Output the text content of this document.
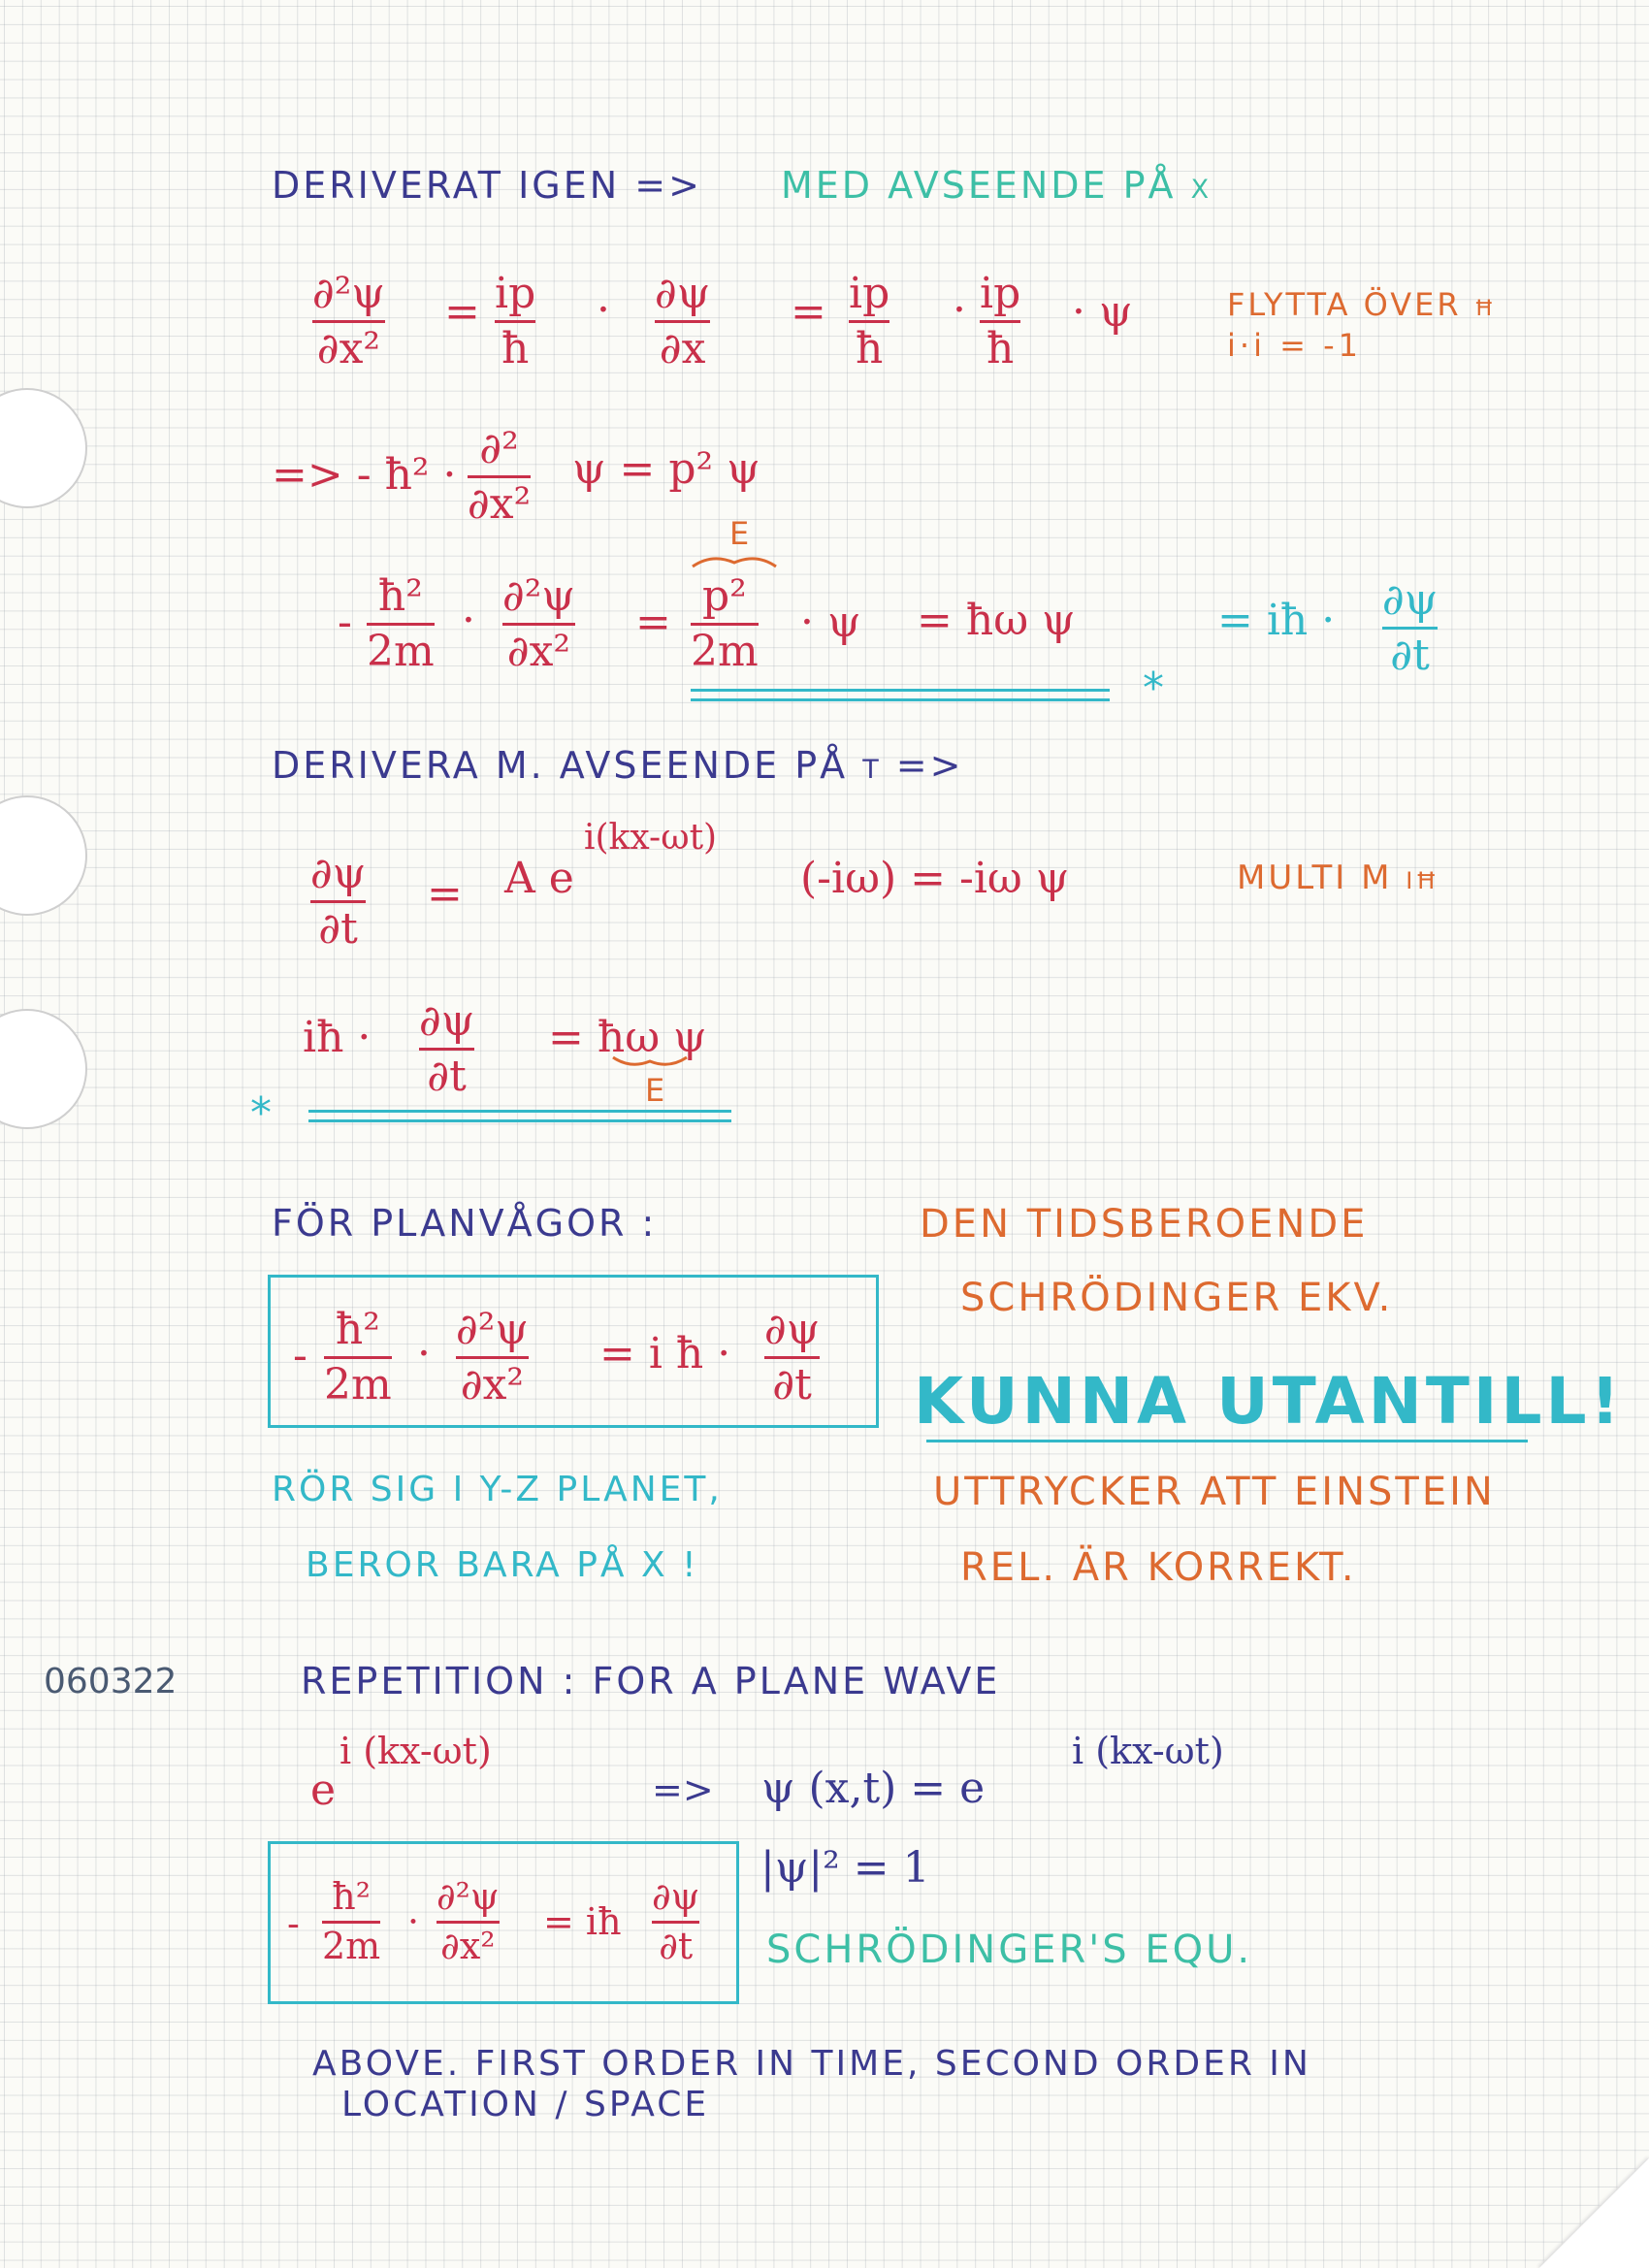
DERIVERAT IGEN => MED AVSEENDE PÅ x
∂²ψ
∂x²
= ip
ħ
· ∂ψ
∂x
= ip
ħ
· ip
ħ
· ψ	FLYTTA ÖVER ħ
i·i = -1
=> - ħ² ·
∂²
∂x²
ψ = p² ψ
E
-
ħ²
2m
· ∂²ψ
∂x²
=
p²
2m
· ψ = ħω ψ	= iħ · ∂ψ
∂t
*
DERIVERA M. AVSEENDE PÅ t =>
∂ψ
∂t
= A e
i(kx-ωt)
(-iω) = -iω ψ	MULTI M iħ
iħ · ∂ψ
∂t
= ħω ψ
E
*
FÖR PLANVÅGOR :	DEN TIDSBEROENDE
SCHRÖDINGER EKV.
-
ħ²
2m
· ∂²ψ
∂x²
= i ħ · ∂ψ
∂t KUNNA UTANTILL!
RÖR SIG I Y-Z PLANET,
BEROR BARA PÅ X !
UTTRYCKER ATT EINSTEIN
REL. ÄR KORREKT.
060322	REPETITION : FOR A PLANE WAVE
e
i (kx-ωt)
=> ψ (x,t) = e
i (kx-ωt)
-
ħ²
2m
·
∂²ψ
∂x²
= iħ
∂ψ
∂t
|ψ|² = 1
SCHRÖDINGER'S EQU.
ABOVE. FIRST ORDER IN TIME, SECOND ORDER IN
LOCATION / SPACE
